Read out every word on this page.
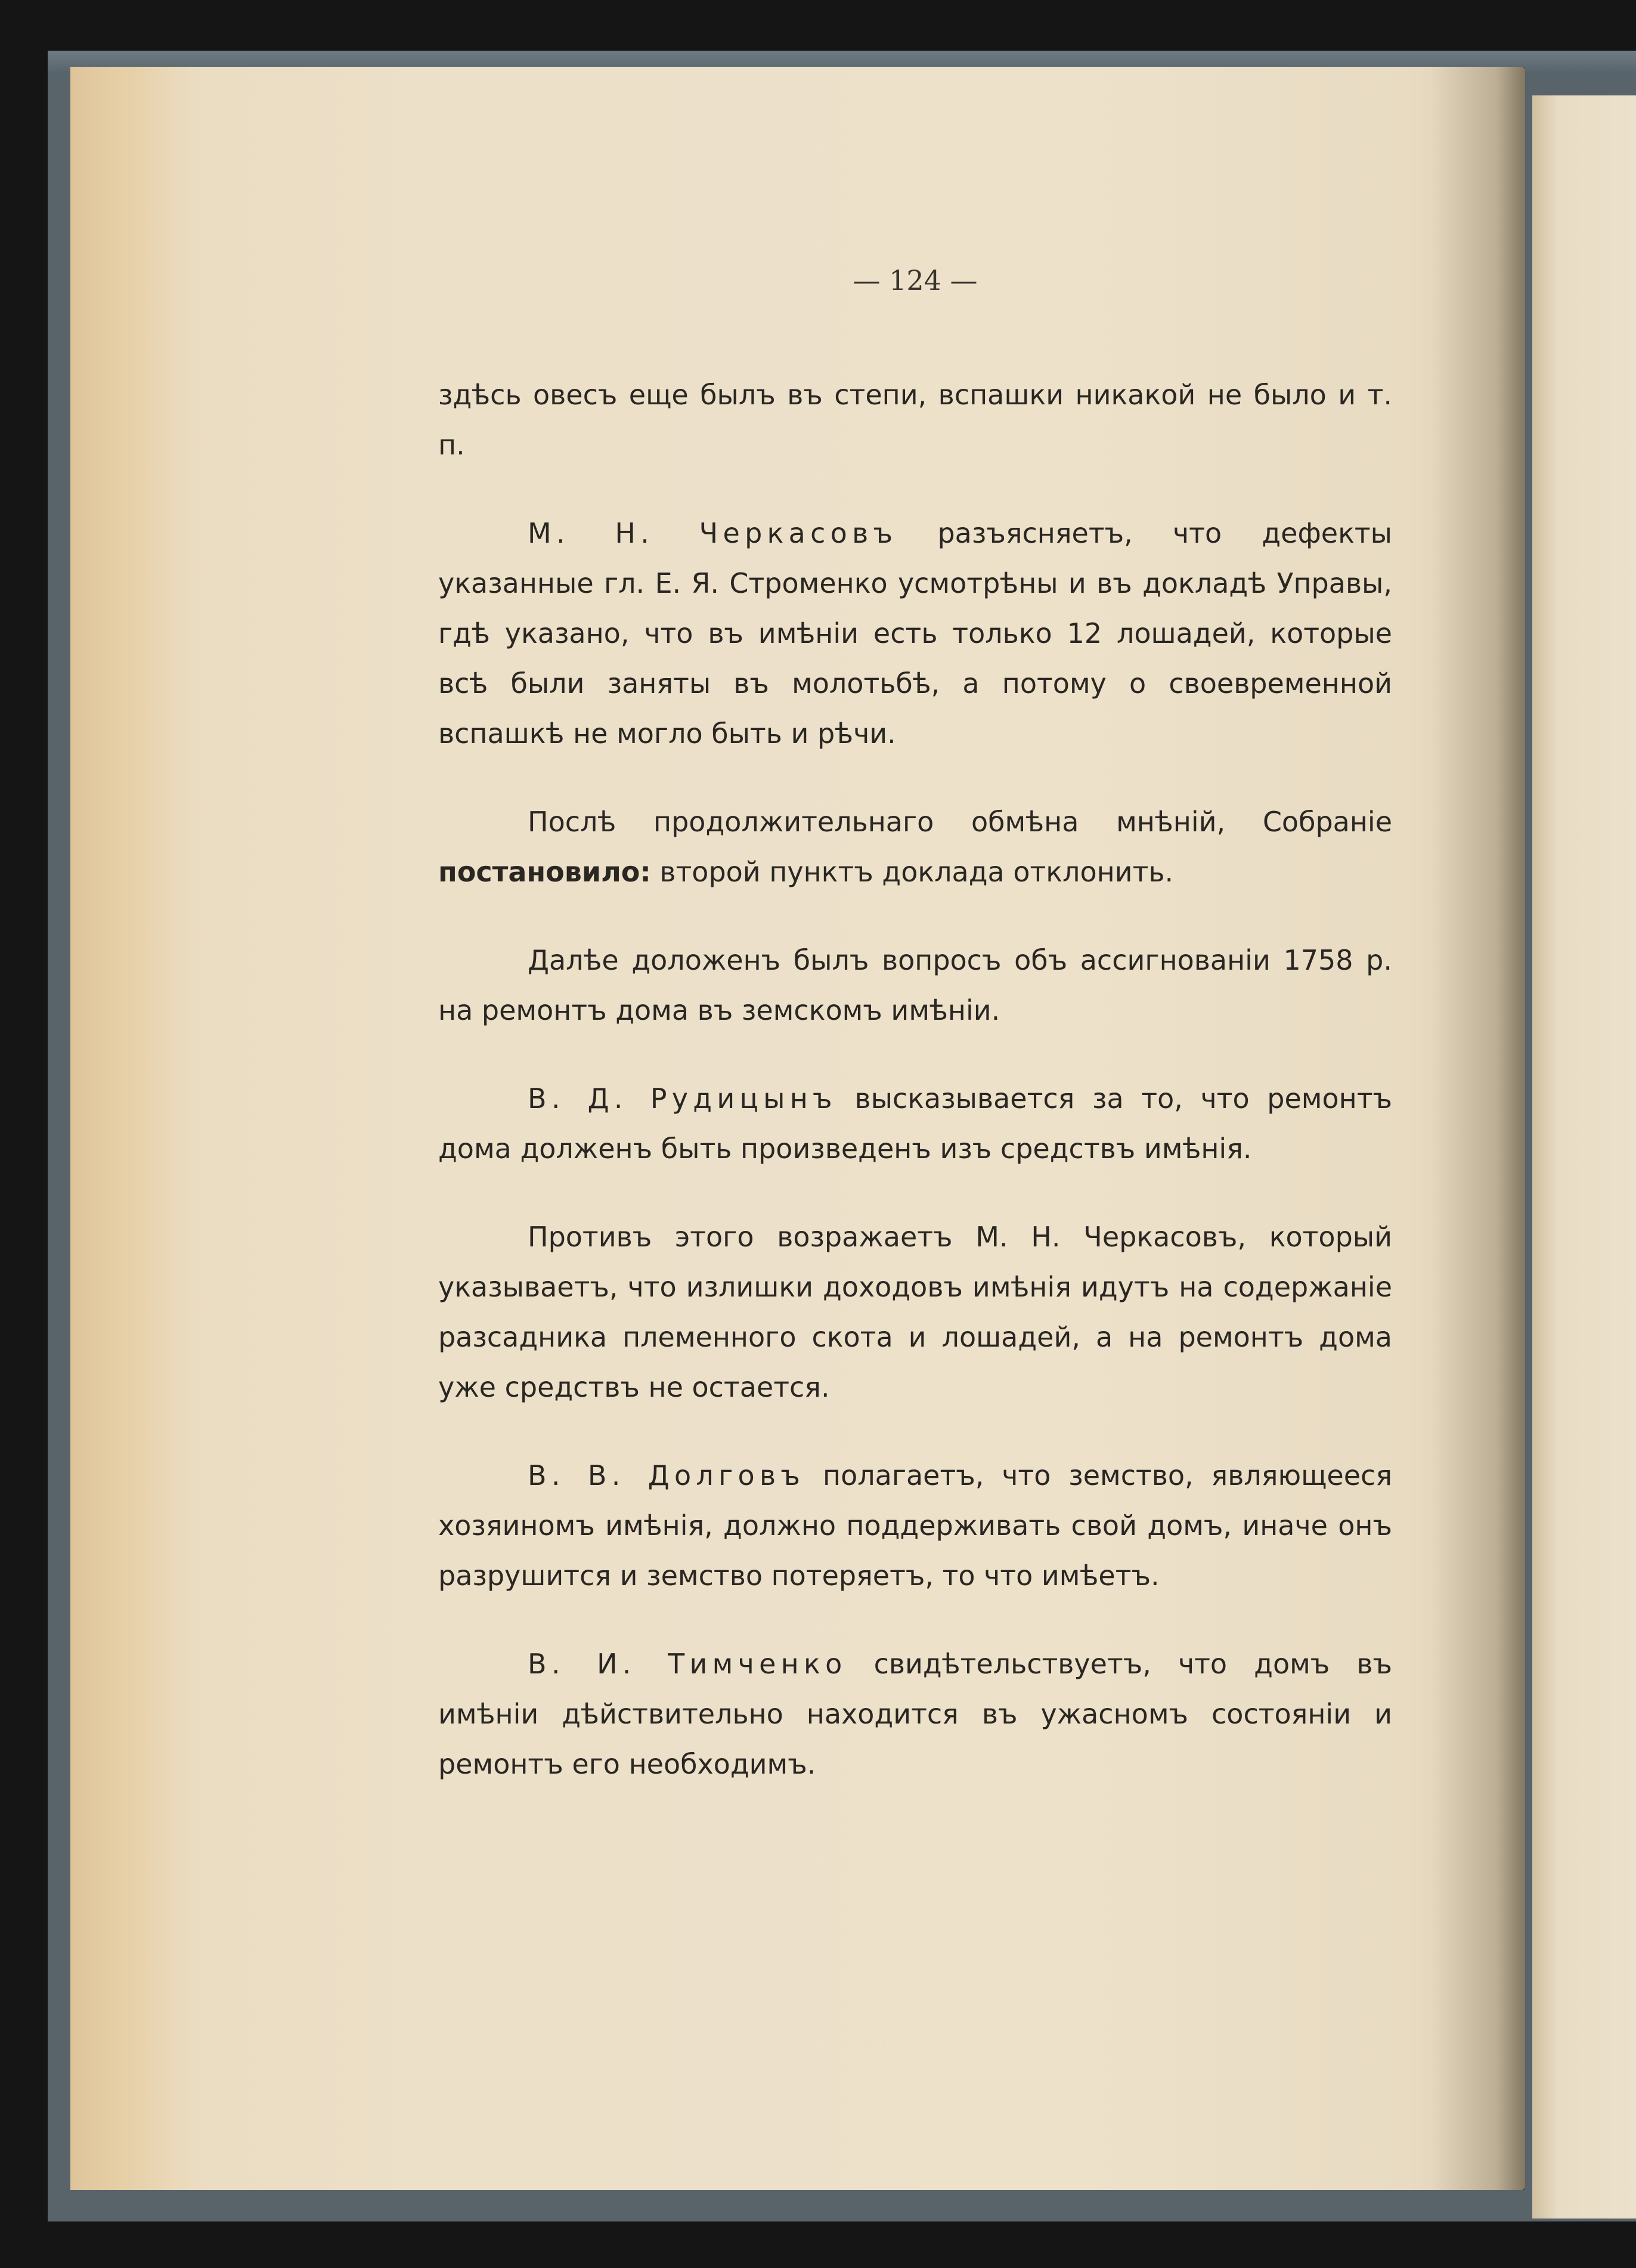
— 124 —

здѣсь овесъ еще былъ въ степи, вспашки никакой не было и т. п.

М. Н. Черкасовъ разъясняетъ, что дефекты указанные гл. Е. Я. Строменко усмотрѣны и въ докладѣ Управы, гдѣ указано, что въ имѣнiи есть только 12 лошадей, которые всѣ были заняты въ молотьбѣ, а потому о своевременной вспашкѣ не могло быть и рѣчи.

Послѣ продолжительнаго обмѣна мнѣнiй, Собранiе постановило: второй пунктъ доклада отклонить.

Далѣе доложенъ былъ вопросъ объ ассигнованiи 1758 р. на ремонтъ дома въ земскомъ имѣнiи.

В. Д. Рудицынъ высказывается за то, что ремонтъ дома долженъ быть произведенъ изъ средствъ имѣнiя.

Противъ этого возражаетъ М. Н. Черкасовъ, который указываетъ, что излишки доходовъ имѣнiя идутъ на содержанiе разсадника племенного скота и лошадей, а на ремонтъ дома уже средствъ не остается.

В. В. Долговъ полагаетъ, что земство, являющееся хозяиномъ имѣнiя, должно поддерживать свой домъ, иначе онъ разрушится и земство потеряетъ, то что имѣетъ.

В. И. Тимченко свидѣтельствуетъ, что домъ въ имѣнiи дѣйствительно находится въ ужасномъ состоянiи и ремонтъ его необходимъ.
